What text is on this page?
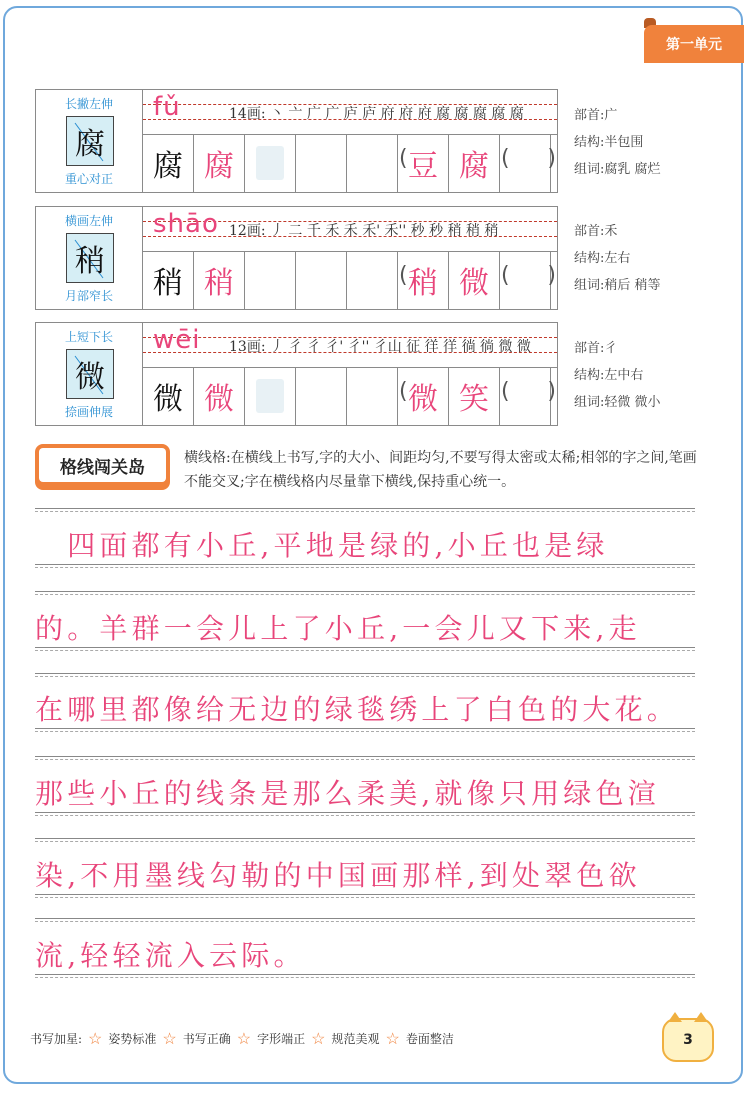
第一单元
长撇左伸
腐
重心对正
fǔ	14画: 丶 亠 广 广 庐 庐 府 府 府 腐 腐 腐 腐 腐
腐 腐	( 豆 腐 ( )
横画左伸
稍
月部窄长
shāo 12画: 丿 二 千 禾 禾 禾' 禾'' 秒 秒 稍 稍 稍
稍 稍	( 稍 微 ( )
上短下长
微
捺画伸展
wēi 13画: 丿 彳 彳 彳' 彳'' 彳山 征 徉 徉 徜 徜 微 微
微 微	( 微 笑 ( )
部首:广
结构:半包围
组词:腐乳 腐烂
部首:禾
结构:左右
组词:稍后 稍等
部首:彳
结构:左中右
组词:轻微 微小
格线闯关岛	横线格:在横线上书写,字的大小、间距均匀,不要写得太密或太稀;相邻的字之间,笔画不能交叉;字在横线格内尽量靠下横线,保持重心统一。
　四面都有小丘,平地是绿的,小丘也是绿
的。羊群一会儿上了小丘,一会儿又下来,走
在哪里都像给无边的绿毯绣上了白色的大花。
那些小丘的线条是那么柔美,就像只用绿色渲
染,不用墨线勾勒的中国画那样,到处翠色欲
流,轻轻流入云际。
书写加星: ☆ 姿势标准 ☆ 书写正确 ☆ 字形端正 ☆ 规范美观 ☆ 卷面整洁	3
